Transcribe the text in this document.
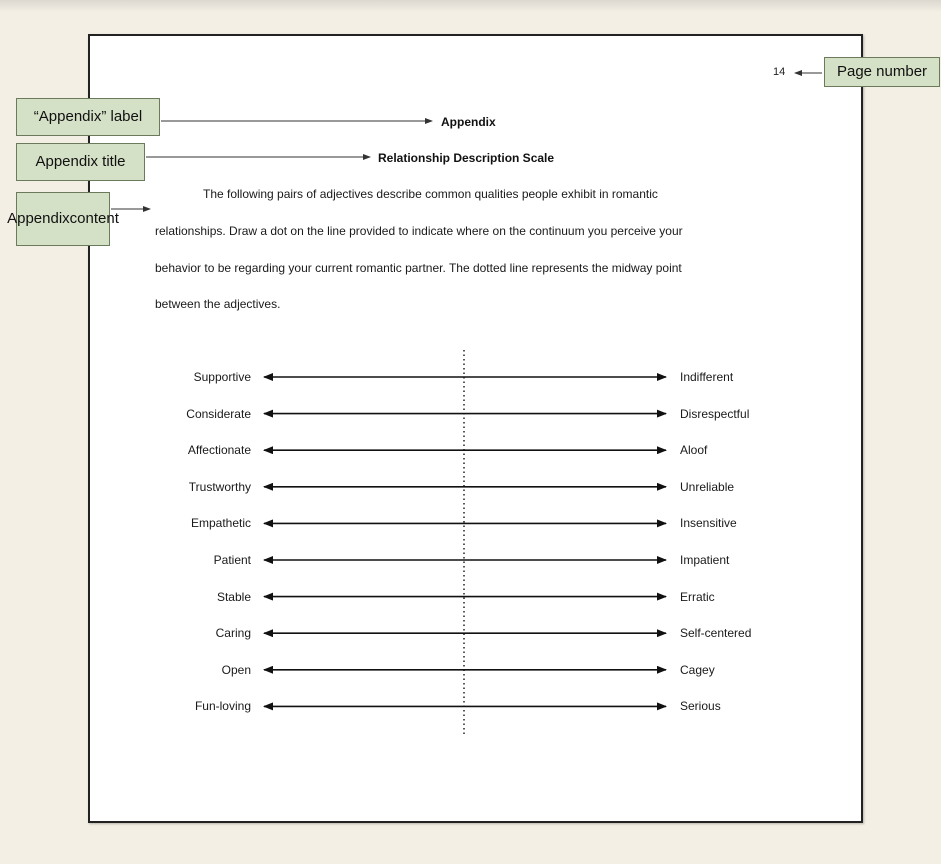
14
Appendix
Relationship Description Scale
The following pairs of adjectives describe common qualities people exhibit in romantic
relationships. Draw a dot on the line provided to indicate where on the continuum you perceive your
behavior to be regarding your current romantic partner. The dotted line represents the midway point
between the adjectives.
Page number
“Appendix” label
Appendix title
Appendix content
Supportive	Indifferent
Considerate	Disrespectful
Affectionate	Aloof
Trustworthy	Unreliable
Empathetic	Insensitive
Patient	Impatient
Stable	Erratic
Caring	Self-centered
Open	Cagey
Fun-loving	Serious
